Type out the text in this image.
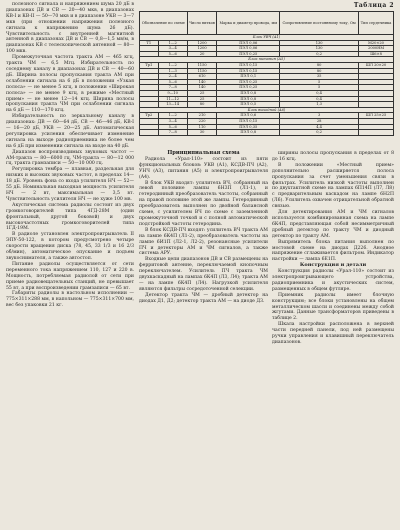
полезного сигнала и напряжением шума 20 дБ в диапазонах ДВ и СВ — 20—40 мкв, в диапазонах КВ-I и КВ-II — 50—70 мкв и в диапазоне УКВ — 3—7 мкв (при отношении напряжения полезного сигнала к напряжению шума 26 дБ). Чувствительность с внутренней магнитной антенной в диапазонах ДВ и СВ — 0,8—1,5 мв/м, в диапазонах КВ с телескопической антенной — 80—100 мкв.

Промежуточная частота тракта АМ — 465 кгц, тракта ЧМ — 6,5 Мгц. Избирательность по соседнему каналу в диапазонах ДВ и СВ — 40—60 дБ. Ширина полосы пропускания тракта АМ при ослаблении сигнала на 6 дБ в положении «Узкая полоса» — не менее 5 кгц, в положении «Широкая полоса» — не менее 9 кгц, в режиме «Местный прием» — не менее 12—14 кгц. Ширина полосы пропускания тракта ЧМ при ослаблении сигнала на 6 дБ — 110—170 кгц.

Избирательность по зеркальному каналу в диапазонах: ДВ — 60—64 дБ, СВ — 46—46 дБ, КВ-I — 16—20 дБ, УКВ — 20—25 дБ. Автоматическая регулировка усиления обеспечивает изменение сигнала на выходе радиоприемника не более чем на 6 дБ при изменении сигнала на входе на 40 дБ.

Диапазон воспроизводимых звуковых частот — АМ-тракта — 80—6000 гц, ЧМ-тракта — 80—12 000 гц, тракта грамзаписи — 50—10 000 гц.

Регулировка тембра — плавная, раздельная для низких и высоких звуковых частот, в пределах 14—18 дБ. Уровень фона со входа усилителя НЧ — 52—55 дБ. Номинальная выходная мощность усилителя НЧ — 2 вт, максимальная — 3,5 вт. Чувствительность усилителя НЧ — не хуже 100 мв.

Акустическая система радиолы состоит из двух громкоговорителей типа 4ГД-28М (один фронтальный, другой боковой) и двух высокочастотных громкоговорителей типа 1ГД-19М.

В радиоле установлен электропроигрыватель II ЭПУ-50-122, в котором предусмотрено четыре скорости вращения диска (78, 45, 33 1/3 и 16 2/3 об/мин), автоматическое опускание и подъем звукоснимателя, а также автостоп.

Питание радиолы осуществляется от сети переменного тока напряжением 110, 127 и 220 в. Мощность, потребляемая радиолой от сети при приеме радиовещательных станций, не превышает 55 вт, а при воспроизведении грамзаписи — 65 вт.

Габариты радиолы в настольном исполнении — 775×311×288 мм, в напольном — 775×311×700 мм, вес без упаковки 21 кг.

Таблица 2
Обозначение по схеме		Число витков	Марка и диаметр провода, мм	Сопротивление постоянному току, Ом	Тип сердечника
Блок УВЧ (A1)					
T1	1—2	1200	ПЭЛ 0,06	130	М20×20
	3—4	1200	ПЭЛ 0,06	130	2000НМ
	5—6	20	ПЭЛ 0,25	0,2	Ш6×8
Блок питания (A5)					
Tp1	1—2	1150	ПЭЛ 0,15	80	ШЛ 20×20
	1—3	1150	ПЭЛ 0,15	80	
	2—4	610	ПЭЛ 0,1	35	
	5—6	140	ПЭЛ 0,25	5	
	7—8	140	ПЭЛ 0,25	5	
	9—10	25	ПЭЛ 0,8	0,4	
	11—12	25	ПЭЛ 0,8	0,4	
	13—14	80	ПЭЛ 0,5	1,3	
Блок выходной (A6)					
Tp2	1—2	210	ПЭЛ 0,6	3	ШЛ 25×25
	3—4	220	ПЭЛ 0,15	28	
	5—6	110	ПЭЛ 0,35	4,4	
	7—8	30	ПЭЛ 0,8	0,2	

Принципиальная схема

Радиола «Урал-110» состоит из пяти функциональных блоков: УКВ (A1), КСДВ-ПЧ (A2), УНЧ (A3), питания (A5) и электропроигрывателя (A4).

В блок УКВ входят: усилитель ВЧ, собранный на левой половине лампы 6Н3П (Л1-1), и гетеродинный преобразователь частоты, собранный на правой половине этой же лампы. Гетеродинный преобразователь выполнен по двойной балансной схеме, с усилителем ВЧ по схеме с заземленной промежуточной точкой и с полной автоматической подстройкой частоты гетеродина.

В блок КСДВ-ПЧ входят: усилитель ВЧ тракта АМ на лампе 6К4П (Л1-2), преобразователь частоты на лампе 6И1П (Л2-1, Л2-2), резонансные усилители ПЧ и детекторы АМ и ЧМ сигналов, а также система АРУ.

Входные цепи диапазонов ДВ и СВ размещены на ферритовой антенне, переключаемой кнопочным переключателем. Усилитель ПЧ тракта ЧМ двухкаскадный на лампах 6К4П (Л3, Л4); тракта АМ — на лампе 6К4П (Л4). Нагрузкой усилителя являются фильтры сосредоточенной селекции.

Детектор тракта ЧМ — дробный детектор на диодах Д1, Д2; детектор тракта АМ — на диоде Д3.

ширины полосы пропускания в пределах от 8 до 16 кгц.

В положении «Местный прием» дополнительно расширяется полоса пропускания за счет уменьшения связи в фильтрах. Усилитель низкой частоты выполнен по двухтактной схеме на лампах 6П14П (Л7, Л8) с предварительным каскадом на лампе 6Н2П (Л6). Усилитель охвачен отрицательной обратной связью.

Для детектирования АМ и ЧМ сигналов используется комбинированная схема на лампе 6К4П, представляющая собой несимметричный дробный детектор по тракту ЧМ и диодный детектор по тракту АМ.

Выпрямитель блока питания выполнен по мостовой схеме на диодах Д226. Анодное напряжение сглаживается фильтром. Индикатор настройки — лампа 6Е1П.

Конструкция и детали

Конструкция радиолы «Урал-110» состоит из электропроигрывающего устройства, радиоприемника и акустических систем, размещенных в общем футляре.

Приемник радиолы имеет блочную конструкцию; все блоки установлены на общем металлическом шасси и соединены между собой жгутами. Данные трансформаторов приведены в таблице 2.

Шкала настройки расположена в верхней части передней панели, под ней размещены ручки управления и клавишный переключатель диапазонов.
